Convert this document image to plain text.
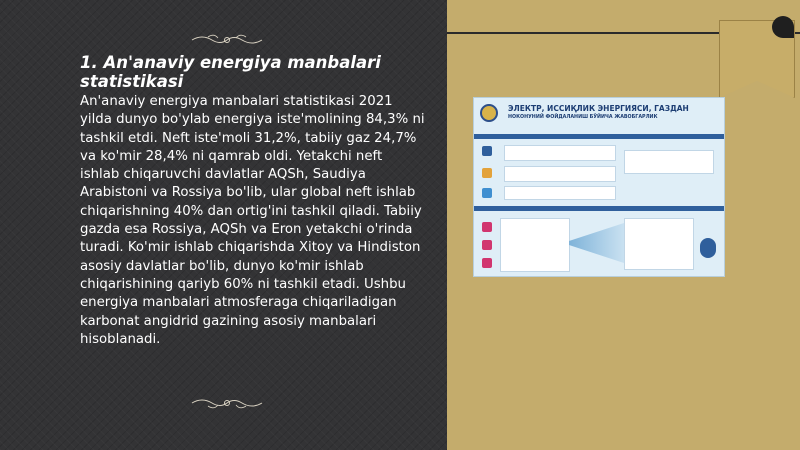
1. An'anaviy energiya manbalari statistikasi

An'anaviy energiya manbalari statistikasi 2021 yilda dunyo bo'ylab energiya iste'molining 84,3% ni tashkil etdi. Neft iste'moli 31,2%, tabiiy gaz 24,7% va ko'mir 28,4% ni qamrab oldi. Yetakchi neft ishlab chiqaruvchi davlatlar AQSh, Saudiya Arabistoni va Rossiya bo'lib, ular global neft ishlab chiqarishning 40% dan ortig'ini tashkil qiladi. Tabiiy gazda esa Rossiya, AQSh va Eron yetakchi o'rinda turadi. Ko'mir ishlab chiqarishda Xitoy va Hindiston asosiy davlatlar bo'lib, dunyo ko'mir ishlab chiqarishining qariyb 60% ni tashkil etadi. Ushbu energiya manbalari atmosferaga chiqariladigan karbonat angidrid gazining asosiy manbalari hisoblanadi.

ЭЛЕКТР, ИССИҚЛИК ЭНЕРГИЯСИ, ГАЗДАН
НОКОНУНИЙ ФОЙДАЛАНИШ БЎЙИЧА ЖАВОБГАРЛИК
